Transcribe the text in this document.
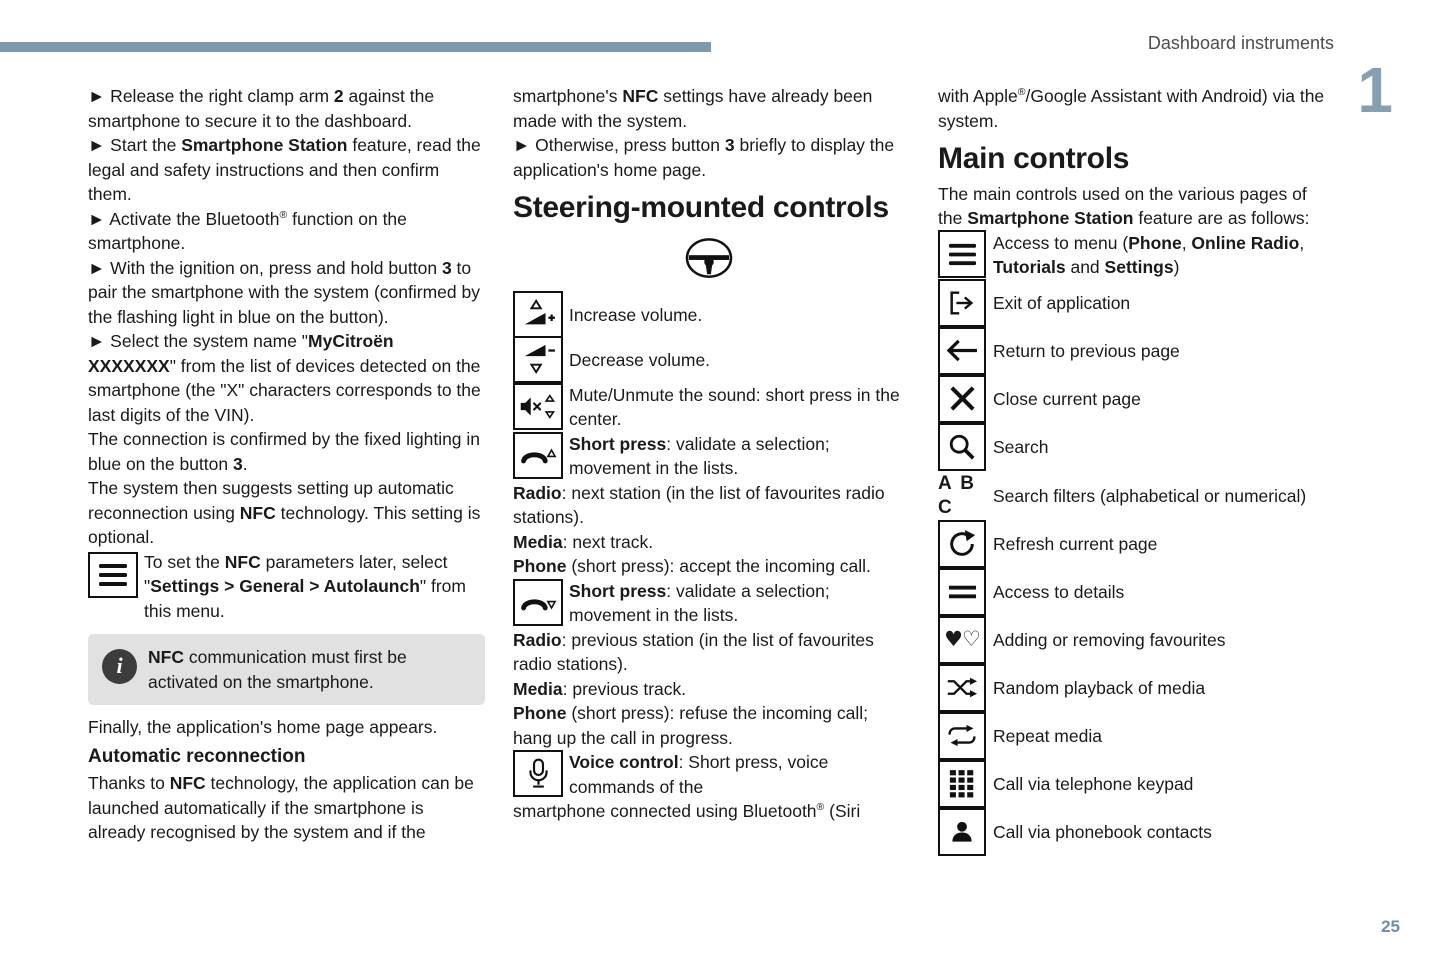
Dashboard instruments
1
25

► Release the right clamp arm 2 against the smartphone to secure it to the dashboard.

► Start the Smartphone Station feature, read the legal and safety instructions and then confirm them.

► Activate the Bluetooth® function on the smartphone.

► With the ignition on, press and hold button 3 to pair the smartphone with the system (confirmed by the flashing light in blue on the button).

► Select the system name "MyCitroën XXXXXXX" from the list of devices detected on the smartphone (the "X" characters corresponds to the last digits of the VIN).

The connection is confirmed by the fixed lighting in blue on the button 3.

The system then suggests setting up automatic reconnection using NFC technology. This setting is optional.

To set the NFC parameters later, select "Settings > General > Autolaunch" from this menu.

i	NFC communication must first be activated on the smartphone.

Finally, the application's home page appears.

Automatic reconnection

Thanks to NFC technology, the application can be launched automatically if the smartphone is already recognised by the system and if the

smartphone's NFC settings have already been made with the system.

► Otherwise, press button 3 briefly to display the application's home page.

Steering-mounted controls

Increase volume.

Decrease volume.

Mute/Unmute the sound: short press in the center.

Short press: validate a selection; movement in the lists.

Radio: next station (in the list of favourites radio stations).

Media: next track.

Phone (short press): accept the incoming call.

Short press: validate a selection; movement in the lists.

Radio: previous station (in the list of favourites radio stations).

Media: previous track.

Phone (short press): refuse the incoming call; hang up the call in progress.

Voice control: Short press, voice commands of the

smartphone connected using Bluetooth® (Siri

with Apple®/Google Assistant with Android) via the system.

Main controls

The main controls used on the various pages of the Smartphone Station feature are as follows:

Access to menu (Phone, Online Radio, Tutorials and Settings)

Exit of application

Return to previous page

Close current page

Search

A B C

Search filters (alphabetical or numerical)

Refresh current page

Access to details

♥♡ Adding or removing favourites

Random playback of media

Repeat media

Call via telephone keypad

Call via phonebook contacts
